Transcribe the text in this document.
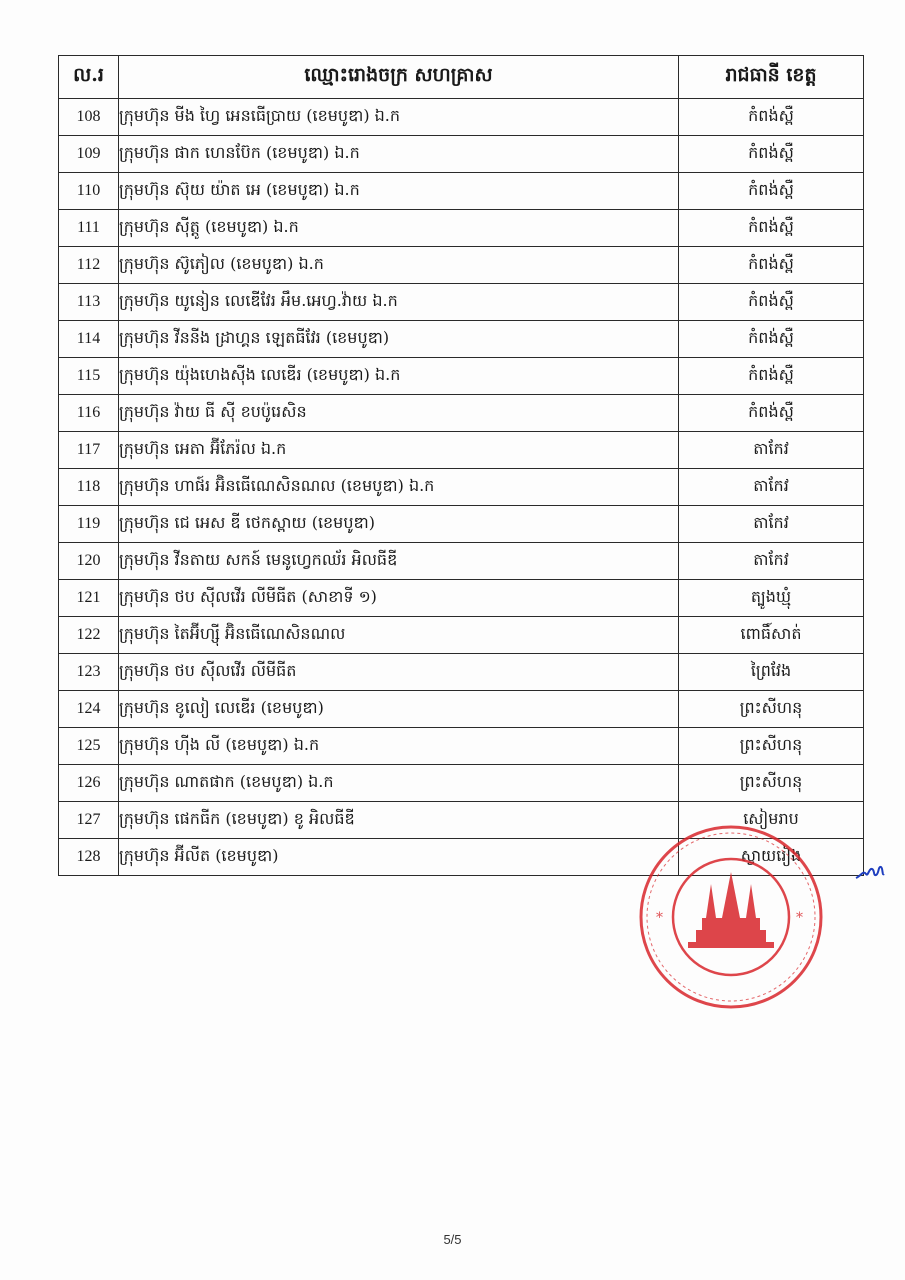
ល.រ	ឈ្មោះរោងចក្រ សហគ្រាស	រាជធានី ខេត្ត
108	ក្រុមហ៊ុន មីង ហ្វៃ អេនធើប្រាយ (ខេមបូឌា) ឯ.ក	កំពង់ស្ពឺ
109	ក្រុមហ៊ុន ផាក ហេនប៊ែក (ខេមបូឌា) ឯ.ក	កំពង់ស្ពឺ
110	ក្រុមហ៊ុន ស៊ុយ យ៉ាត អេ (ខេមបូឌា) ឯ.ក	កំពង់ស្ពឺ
111	ក្រុមហ៊ុន ស៊ីត្តូ (ខេមបូឌា) ឯ.ក	កំពង់ស្ពឺ
112	ក្រុមហ៊ុន ស៊ូភៀល (ខេមបូឌា) ឯ.ក	កំពង់ស្ពឺ
113	ក្រុមហ៊ុន យូនៀន លេឌើវែរ អឹម.អេហ្វ.វ៉ាយ ឯ.ក	កំពង់ស្ពឺ
114	ក្រុមហ៊ុន វីននីង ដ្រាហ្គន ឡេតធីវែរ (ខេមបូឌា)	កំពង់ស្ពឺ
115	ក្រុមហ៊ុន យ៉ុងហេងស៊ីង លេឌើរ (ខេមបូឌា) ឯ.ក	កំពង់ស្ពឺ
116	ក្រុមហ៊ុន វ៉ាយ ធី ស៊ី ខបប៉ូរេសិន	កំពង់ស្ពឺ
117	ក្រុមហ៊ុន អេតា អ៊ីភែរ៉ល ឯ.ក	តាកែវ
118	ក្រុមហ៊ុន ហាផ៍រ អ៊ិនធើណេសិនណល (ខេមបូឌា) ឯ.ក	តាកែវ
119	ក្រុមហ៊ុន ជេ អេស ឌី ថេកស្ពាយ (ខេមបូឌា)	តាកែវ
120	ក្រុមហ៊ុន វីនតាយ សកន៍ មេនូហ្វេកឈ័រ អិលធីឌី	តាកែវ
121	ក្រុមហ៊ុន ថប ស៊ីលវើរ លីមីធីត (សាខាទី ១)	ត្បូងឃ្មុំ
122	ក្រុមហ៊ុន តៃអ៊ីហ្ស៊ី អ៊ិនធើណេសិនណល	ពោធិ៍សាត់
123	ក្រុមហ៊ុន ថប ស៊ីលវើរ លីមីធីត	ព្រៃវែង
124	ក្រុមហ៊ុន ខូលៀ លេឌើរ (ខេមបូឌា)	ព្រះសីហនុ
125	ក្រុមហ៊ុន ហ៊ីង លី (ខេមបូឌា) ឯ.ក	ព្រះសីហនុ
126	ក្រុមហ៊ុន ណាតផាក (ខេមបូឌា) ឯ.ក	ព្រះសីហនុ
127	ក្រុមហ៊ុន ផេកធីក (ខេមបូឌា) ខូ អិលធីឌី	សៀមរាប
128	ក្រុមហ៊ុន អ៊ីលីត (ខេមបូឌា)	ស្វាយរៀង
*	*
5/5
